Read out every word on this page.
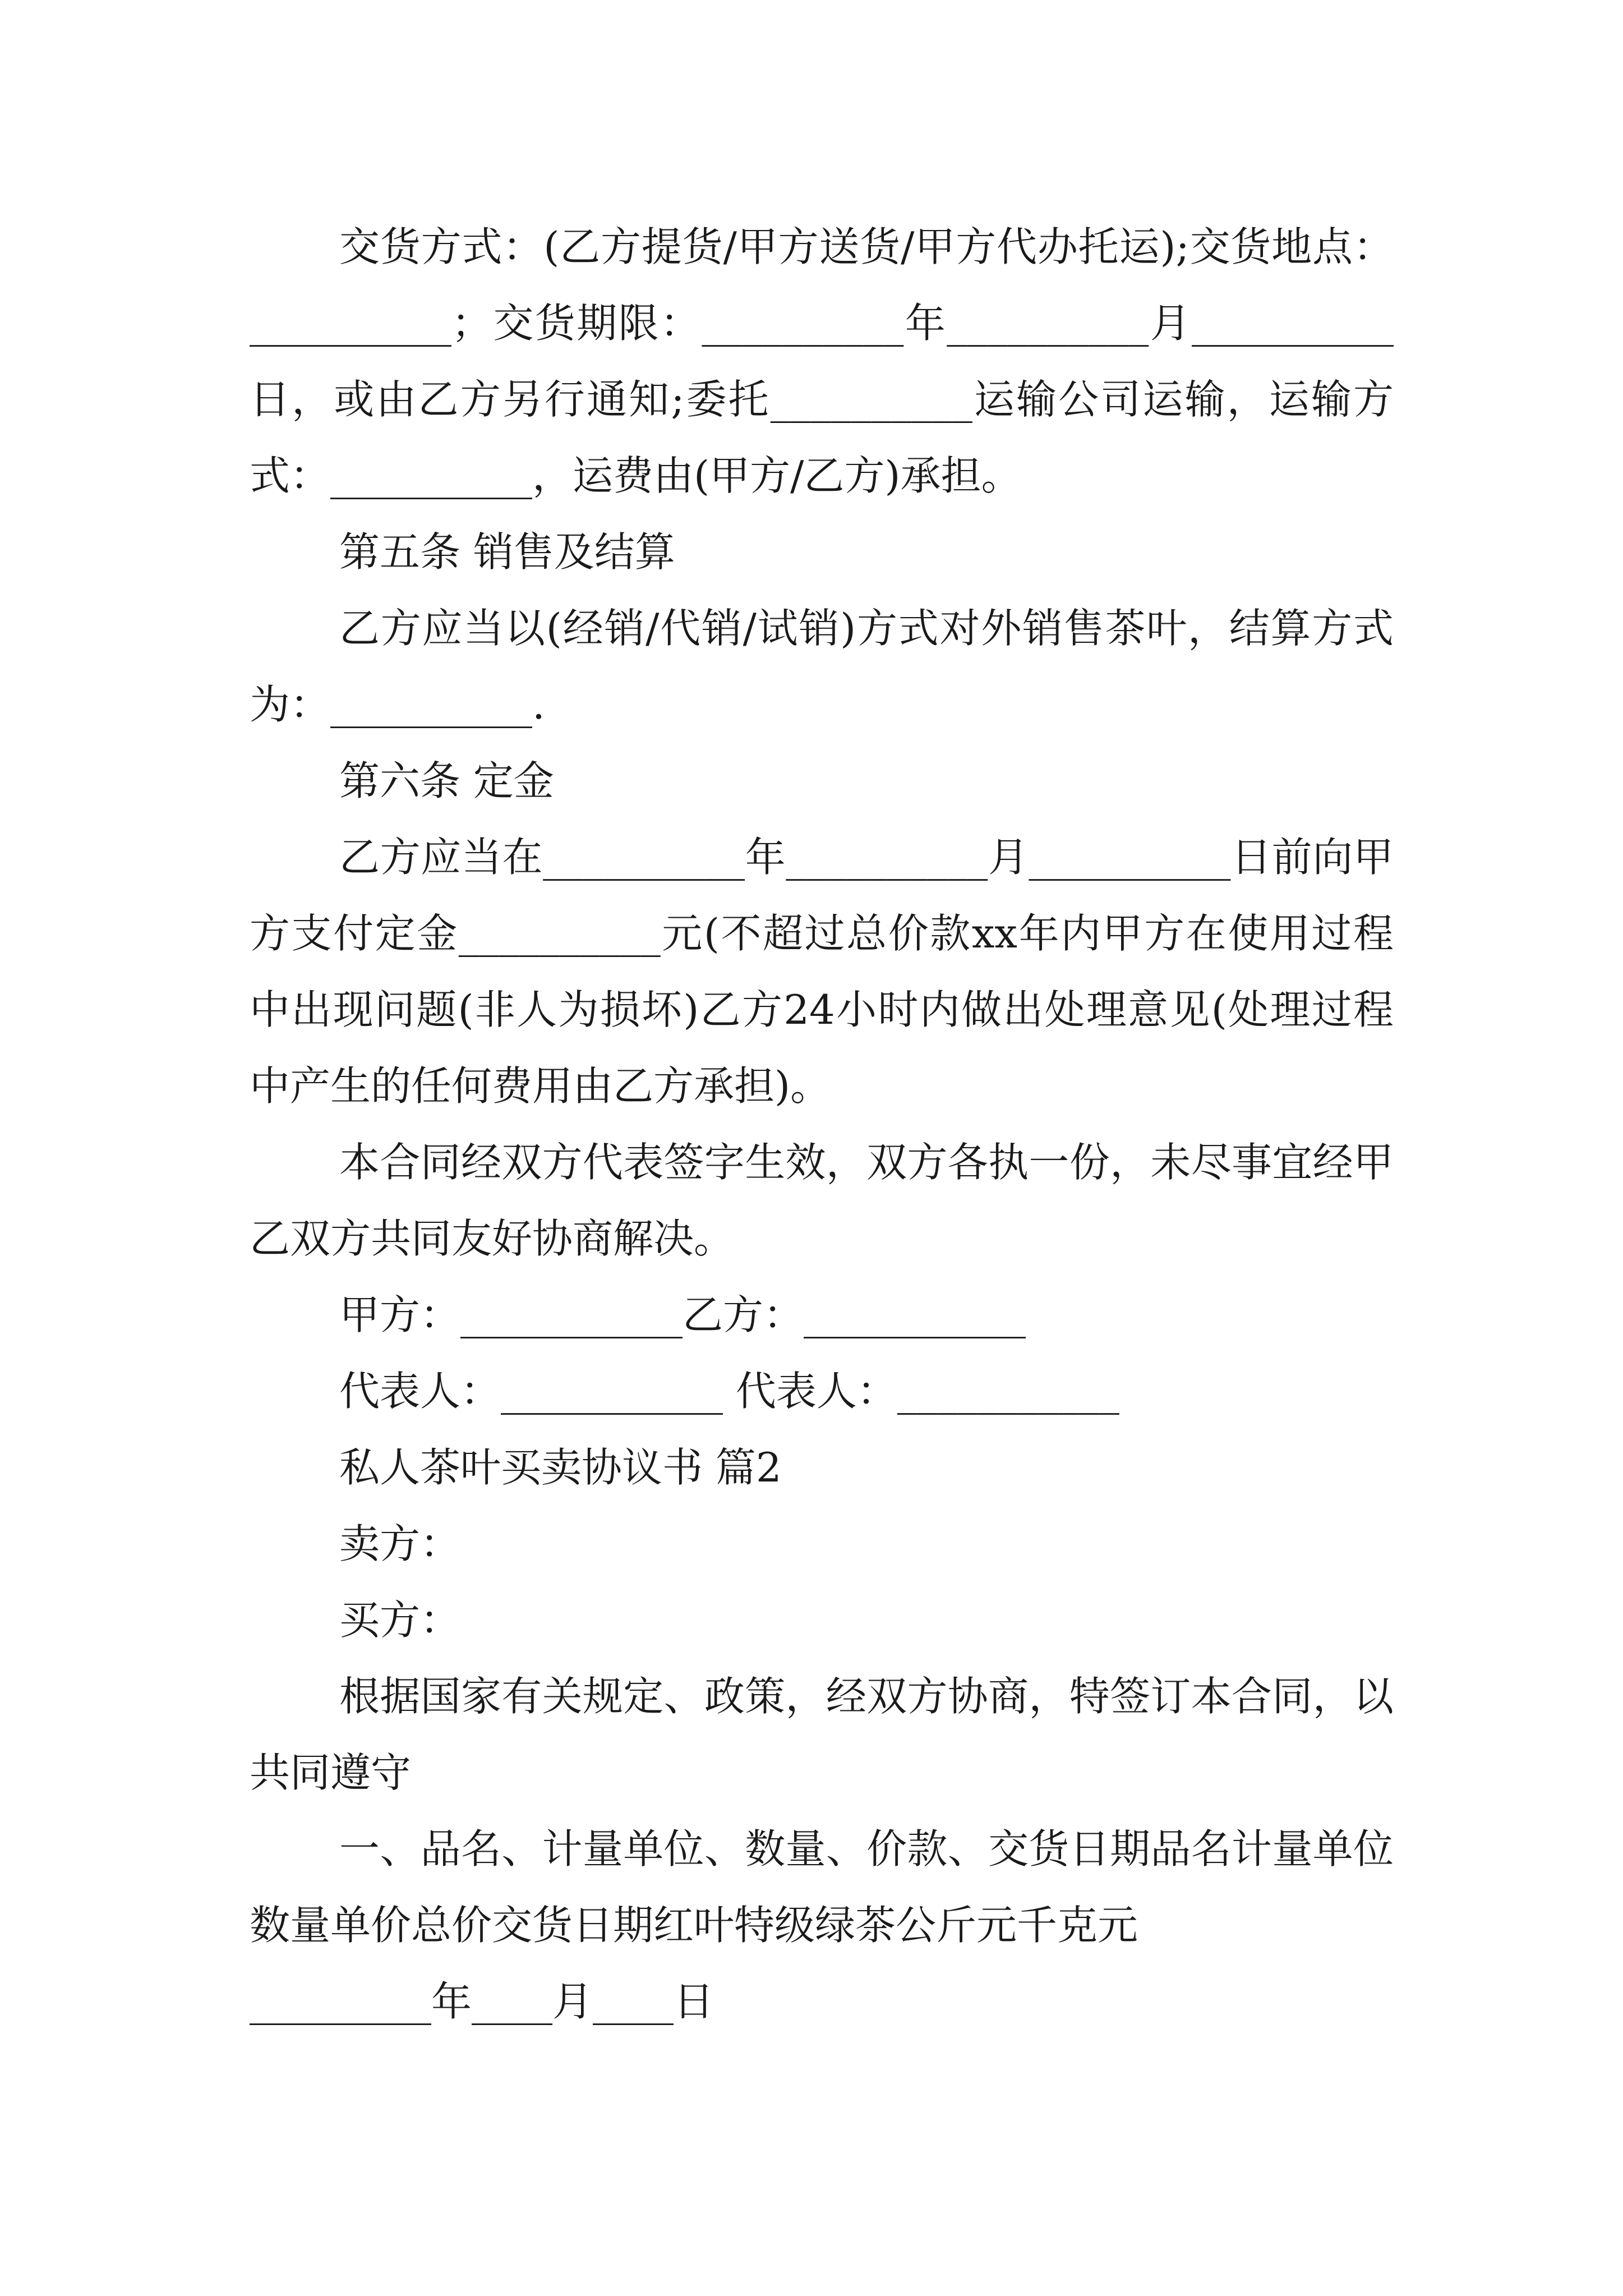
交货方式：(乙方提货/甲方送货/甲方代办托运);交货地点：__________；交货期限：__________年__________月__________日，或由乙方另行通知;委托__________运输公司运输，运输方式：__________，运费由(甲方/乙方)承担。

第五条 销售及结算

乙方应当以(经销/代销/试销)方式对外销售茶叶，结算方式为：__________.

第六条 定金

乙方应当在__________年__________月__________日前向甲方支付定金__________元(不超过总价款xx年内甲方在使用过程中出现问题(非人为损坏)乙方24小时内做出处理意见(处理过程中产生的任何费用由乙方承担)。

本合同经双方代表签字生效，双方各执一份，未尽事宜经甲乙双方共同友好协商解决。

甲方：___________乙方：___________

代表人：___________ 代表人：___________

私人茶叶买卖协议书 篇2

卖方：

买方：

根据国家有关规定、政策，经双方协商，特签订本合同，以共同遵守

一、品名、计量单位、数量、价款、交货日期品名计量单位数量单价总价交货日期红叶特级绿茶公斤元千克元

_________年____月____日
